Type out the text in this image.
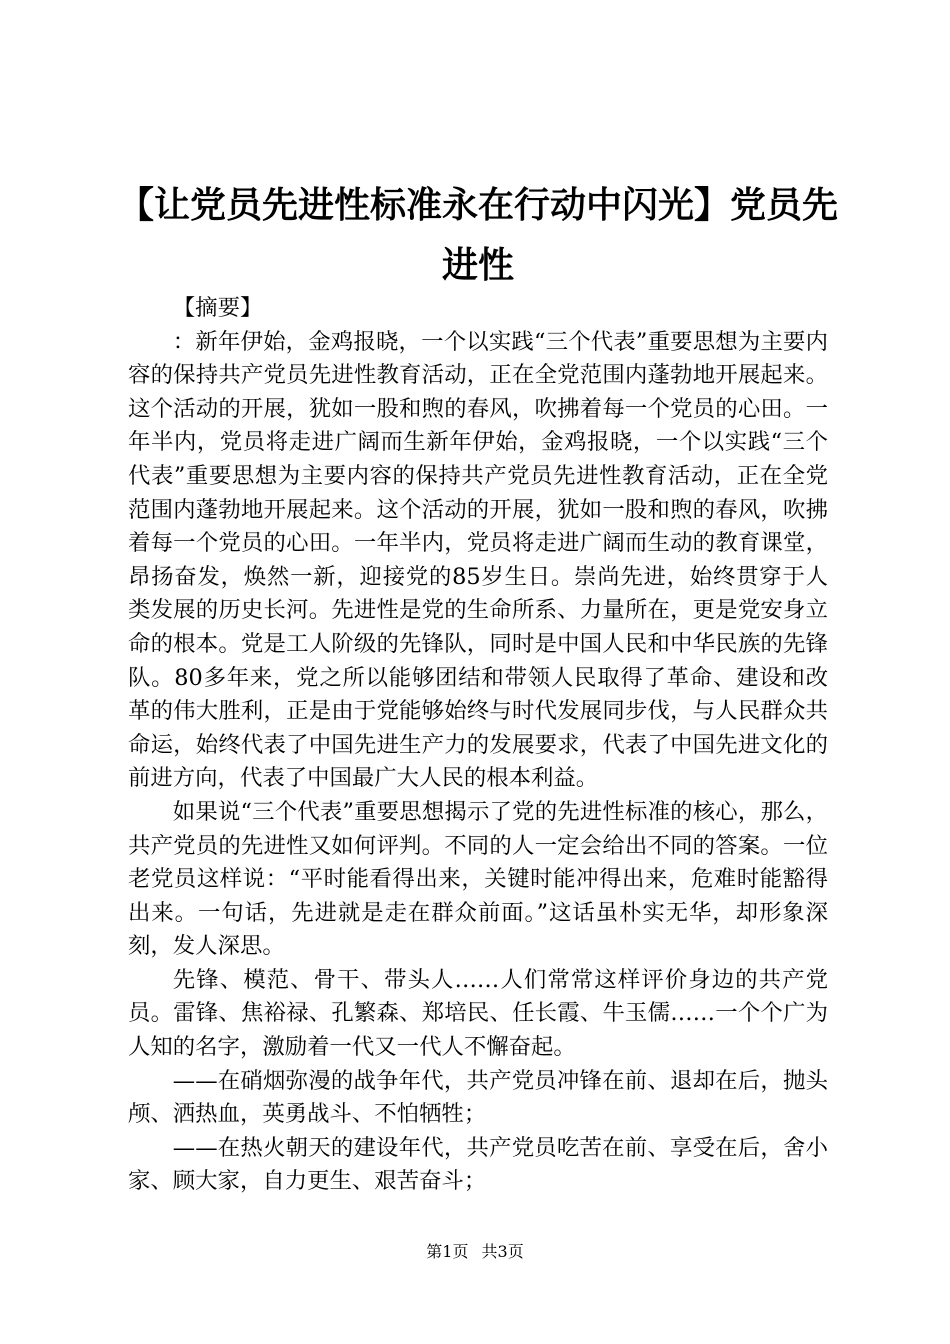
【让党员先进性标准永在行动中闪光】党员先进性

【摘要】

：新年伊始，金鸡报晓，一个以实践“三个代表”重要思想为主要内容的保持共产党员先进性教育活动，正在全党范围内蓬勃地开展起来。这个活动的开展，犹如一股和煦的春风，吹拂着每一个党员的心田。一年半内，党员将走进广阔而生新年伊始，金鸡报晓，一个以实践“三个代表”重要思想为主要内容的保持共产党员先进性教育活动，正在全党范围内蓬勃地开展起来。这个活动的开展，犹如一股和煦的春风，吹拂着每一个党员的心田。一年半内，党员将走进广阔而生动的教育课堂，昂扬奋发，焕然一新，迎接党的85岁生日。崇尚先进，始终贯穿于人类发展的历史长河。先进性是党的生命所系、力量所在，更是党安身立命的根本。党是工人阶级的先锋队，同时是中国人民和中华民族的先锋队。80多年来，党之所以能够团结和带领人民取得了革命、建设和改革的伟大胜利，正是由于党能够始终与时代发展同步伐，与人民群众共命运，始终代表了中国先进生产力的发展要求，代表了中国先进文化的前进方向，代表了中国最广大人民的根本利益。

如果说“三个代表”重要思想揭示了党的先进性标准的核心，那么，共产党员的先进性又如何评判。不同的人一定会给出不同的答案。一位老党员这样说：“平时能看得出来，关键时能冲得出来，危难时能豁得出来。一句话，先进就是走在群众前面。”这话虽朴实无华，却形象深刻，发人深思。

先锋、模范、骨干、带头人……人们常常这样评价身边的共产党员。雷锋、焦裕禄、孔繁森、郑培民、任长霞、牛玉儒……一个个广为人知的名字，激励着一代又一代人不懈奋起。

——在硝烟弥漫的战争年代，共产党员冲锋在前、退却在后，抛头颅、洒热血，英勇战斗、不怕牺牲；

——在热火朝天的建设年代，共产党员吃苦在前、享受在后，舍小家、顾大家，自力更生、艰苦奋斗；

第1页 共3页
